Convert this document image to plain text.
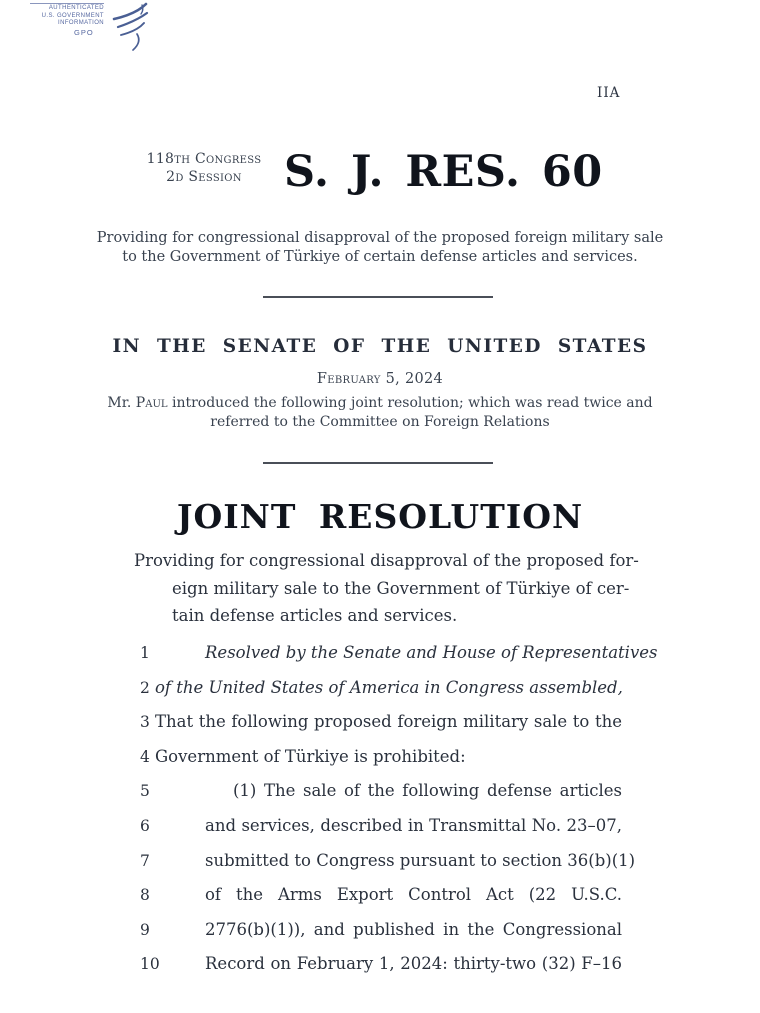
AUTHENTICATED
U.S. GOVERNMENT
INFORMATION
GPO
IIA
118th Congress
2d Session S. J. RES. 60
Providing for congressional disapproval of the proposed foreign military sale
to the Government of Türkiye of certain defense articles and services.
IN THE SENATE OF THE UNITED STATES
February 5, 2024
Mr. Paul introduced the following joint resolution; which was read twice and
referred to the Committee on Foreign Relations
JOINT RESOLUTION
Providing for congressional disapproval of the proposed for-
eign military sale to the Government of Türkiye of cer-
tain defense articles and services.
1	Resolved by the Senate and House of Representatives
2 of the United States of America in Congress assembled,
3 That the following proposed foreign military sale to the
4 Government of Türkiye is prohibited:
5	(1) The sale of the following defense articles
6	and services, described in Transmittal No. 23–07,
7	submitted to Congress pursuant to section 36(b)(1)
8	of the Arms Export Control Act (22 U.S.C.
9	2776(b)(1)), and published in the Congressional
10	Record on February 1, 2024: thirty-two (32) F–16
